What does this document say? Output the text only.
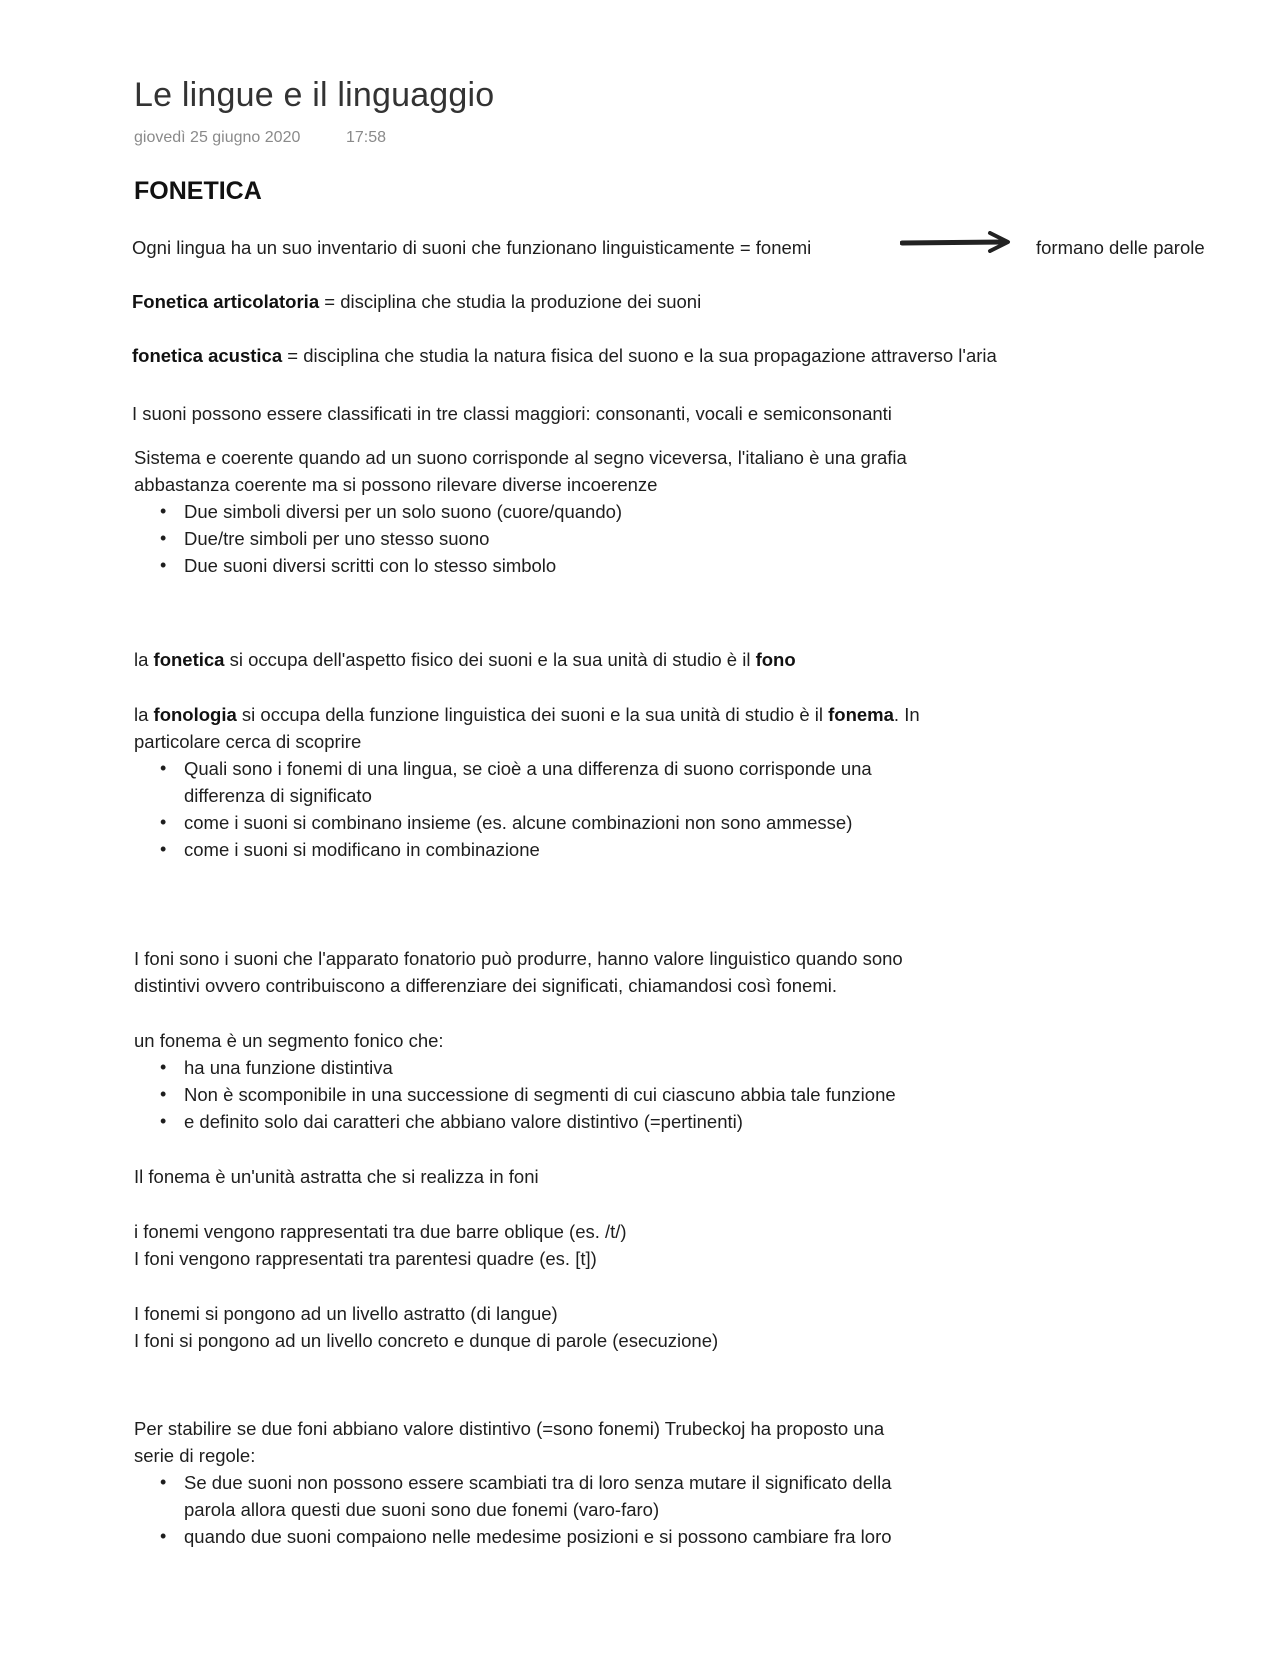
Le lingue e il linguaggio
giovedì 25 giugno 2020	17:58
FONETICA
Ogni lingua ha un suo inventario di suoni che funzionano linguisticamente = fonemi	formano delle parole
Fonetica articolatoria = disciplina che studia la produzione dei suoni
fonetica acustica = disciplina che studia la natura fisica del suono e la sua propagazione attraverso l'aria
I suoni possono essere classificati in tre classi maggiori: consonanti, vocali e semiconsonanti
Sistema e coerente quando ad un suono corrisponde al segno viceversa, l'italiano è una grafia
abbastanza coerente ma si possono rilevare diverse incoerenze
• Due simboli diversi per un solo suono (cuore/quando)
• Due/tre simboli per uno stesso suono
• Due suoni diversi scritti con lo stesso simbolo
la fonetica si occupa dell'aspetto fisico dei suoni e la sua unità di studio è il fono
la fonologia si occupa della funzione linguistica dei suoni e la sua unità di studio è il fonema. In
particolare cerca di scoprire
• Quali sono i fonemi di una lingua, se cioè a una differenza di suono corrisponde una
differenza di significato
• come i suoni si combinano insieme (es. alcune combinazioni non sono ammesse)
• come i suoni si modificano in combinazione
I foni sono i suoni che l'apparato fonatorio può produrre, hanno valore linguistico quando sono
distintivi ovvero contribuiscono a differenziare dei significati, chiamandosi così fonemi.
un fonema è un segmento fonico che:
• ha una funzione distintiva
• Non è scomponibile in una successione di segmenti di cui ciascuno abbia tale funzione
• e definito solo dai caratteri che abbiano valore distintivo (=pertinenti)
Il fonema è un'unità astratta che si realizza in foni
i fonemi vengono rappresentati tra due barre oblique (es. /t/)
I foni vengono rappresentati tra parentesi quadre (es. [t])
I fonemi si pongono ad un livello astratto (di langue)
I foni si pongono ad un livello concreto e dunque di parole (esecuzione)
Per stabilire se due foni abbiano valore distintivo (=sono fonemi) Trubeckoj ha proposto una
serie di regole:
• Se due suoni non possono essere scambiati tra di loro senza mutare il significato della
parola allora questi due suoni sono due fonemi (varo-faro)
• quando due suoni compaiono nelle medesime posizioni e si possono cambiare fra loro
